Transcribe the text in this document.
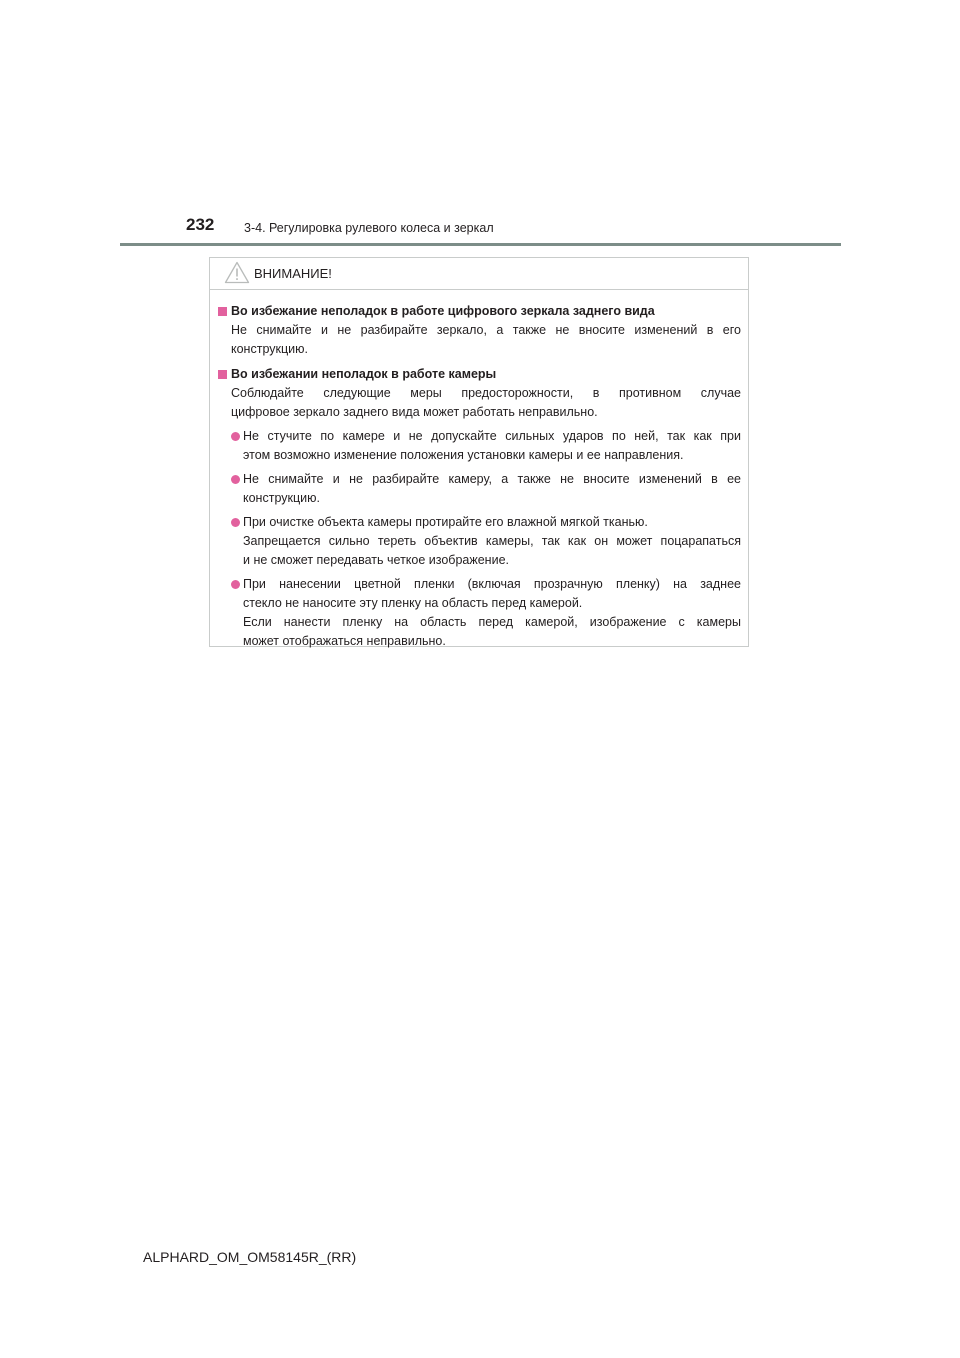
232 3-4. Регулировка рулевого колеса и зеркал
ВНИМАНИЕ!
Во избежание неполадок в работе цифрового зеркала заднего вида
Не снимайте и не разбирайте зеркало, а также не вносите изменений в его
конструкцию.
Во избежании неполадок в работе камеры
Соблюдайте следующие меры предосторожности, в противном случае
цифровое зеркало заднего вида может работать неправильно.
Не стучите по камере и не допускайте сильных ударов по ней, так как при
этом возможно изменение положения установки камеры и ее направления.
Не снимайте и не разбирайте камеру, а также не вносите изменений в ее
конструкцию.
При очистке объекта камеры протирайте его влажной мягкой тканью.
Запрещается сильно тереть объектив камеры, так как он может поцарапаться
и не сможет передавать четкое изображение.
При нанесении цветной пленки (включая прозрачную пленку) на заднее
стекло не наносите эту пленку на область перед камерой.
Если нанести пленку на область перед камерой, изображение с камеры
может отображаться неправильно.
ALPHARD_OM_OM58145R_(RR)
